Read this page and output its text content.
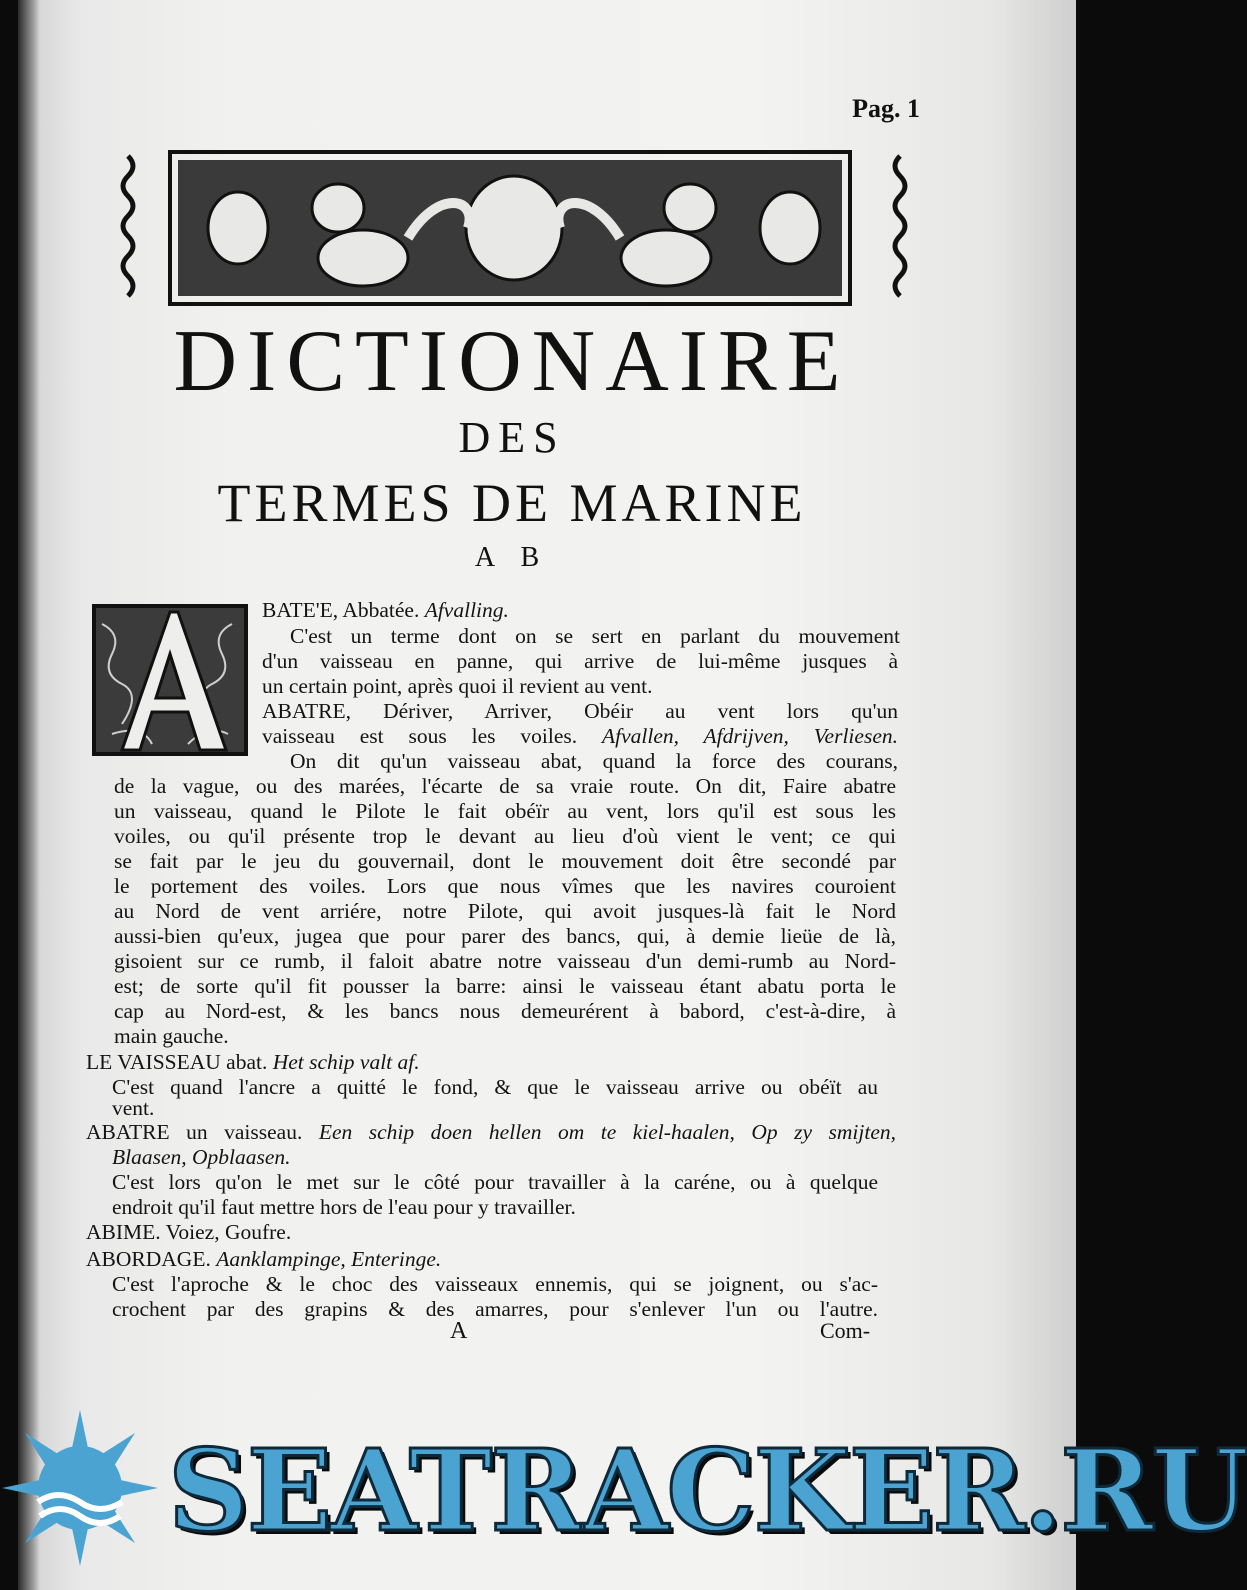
Pag. 1
DICTIONAIRE
DES
TERMES DE MARINE
A B
BATE'E, Abbatée. Afvalling.
C'est un terme dont on se sert en parlant du mouvement
d'un vaisseau en panne, qui arrive de lui-même jusques à
un certain point, après quoi il revient au vent.
ABATRE, Dériver, Arriver, Obéir au vent lors qu'un
vaisseau est sous les voiles. Afvallen, Afdrijven, Verliesen.
On dit qu'un vaisseau abat, quand la force des courans,
de la vague, ou des marées, l'écarte de sa vraie route. On dit, Faire abatre
un vaisseau, quand le Pilote le fait obéïr au vent, lors qu'il est sous les
voiles, ou qu'il présente trop le devant au lieu d'où vient le vent; ce qui
se fait par le jeu du gouvernail, dont le mouvement doit être secondé par
le portement des voiles. Lors que nous vîmes que les navires couroient
au Nord de vent arriére, notre Pilote, qui avoit jusques-là fait le Nord
aussi-bien qu'eux, jugea que pour parer des bancs, qui, à demie lieüe de là,
gisoient sur ce rumb, il faloit abatre notre vaisseau d'un demi-rumb au Nord-
est; de sorte qu'il fit pousser la barre: ainsi le vaisseau étant abatu porta le
cap au Nord-est, & les bancs nous demeurérent à babord, c'est-à-dire, à
main gauche.
LE VAISSEAU abat. Het schip valt af.
C'est quand l'ancre a quitté le fond, & que le vaisseau arrive ou obéït au
vent.
ABATRE un vaisseau. Een schip doen hellen om te kiel-haalen, Op zy smijten,
Blaasen, Opblaasen.
C'est lors qu'on le met sur le côté pour travailler à la caréne, ou à quelque
endroit qu'il faut mettre hors de l'eau pour y travailler.
ABIME. Voiez, Goufre.
ABORDAGE. Aanklampinge, Enteringe.
C'est l'aproche & le choc des vaisseaux ennemis, qui se joignent, ou s'ac-
crochent par des grapins & des amarres, pour s'enlever l'un ou l'autre.
A	Com-
SEATRACKER.RU
